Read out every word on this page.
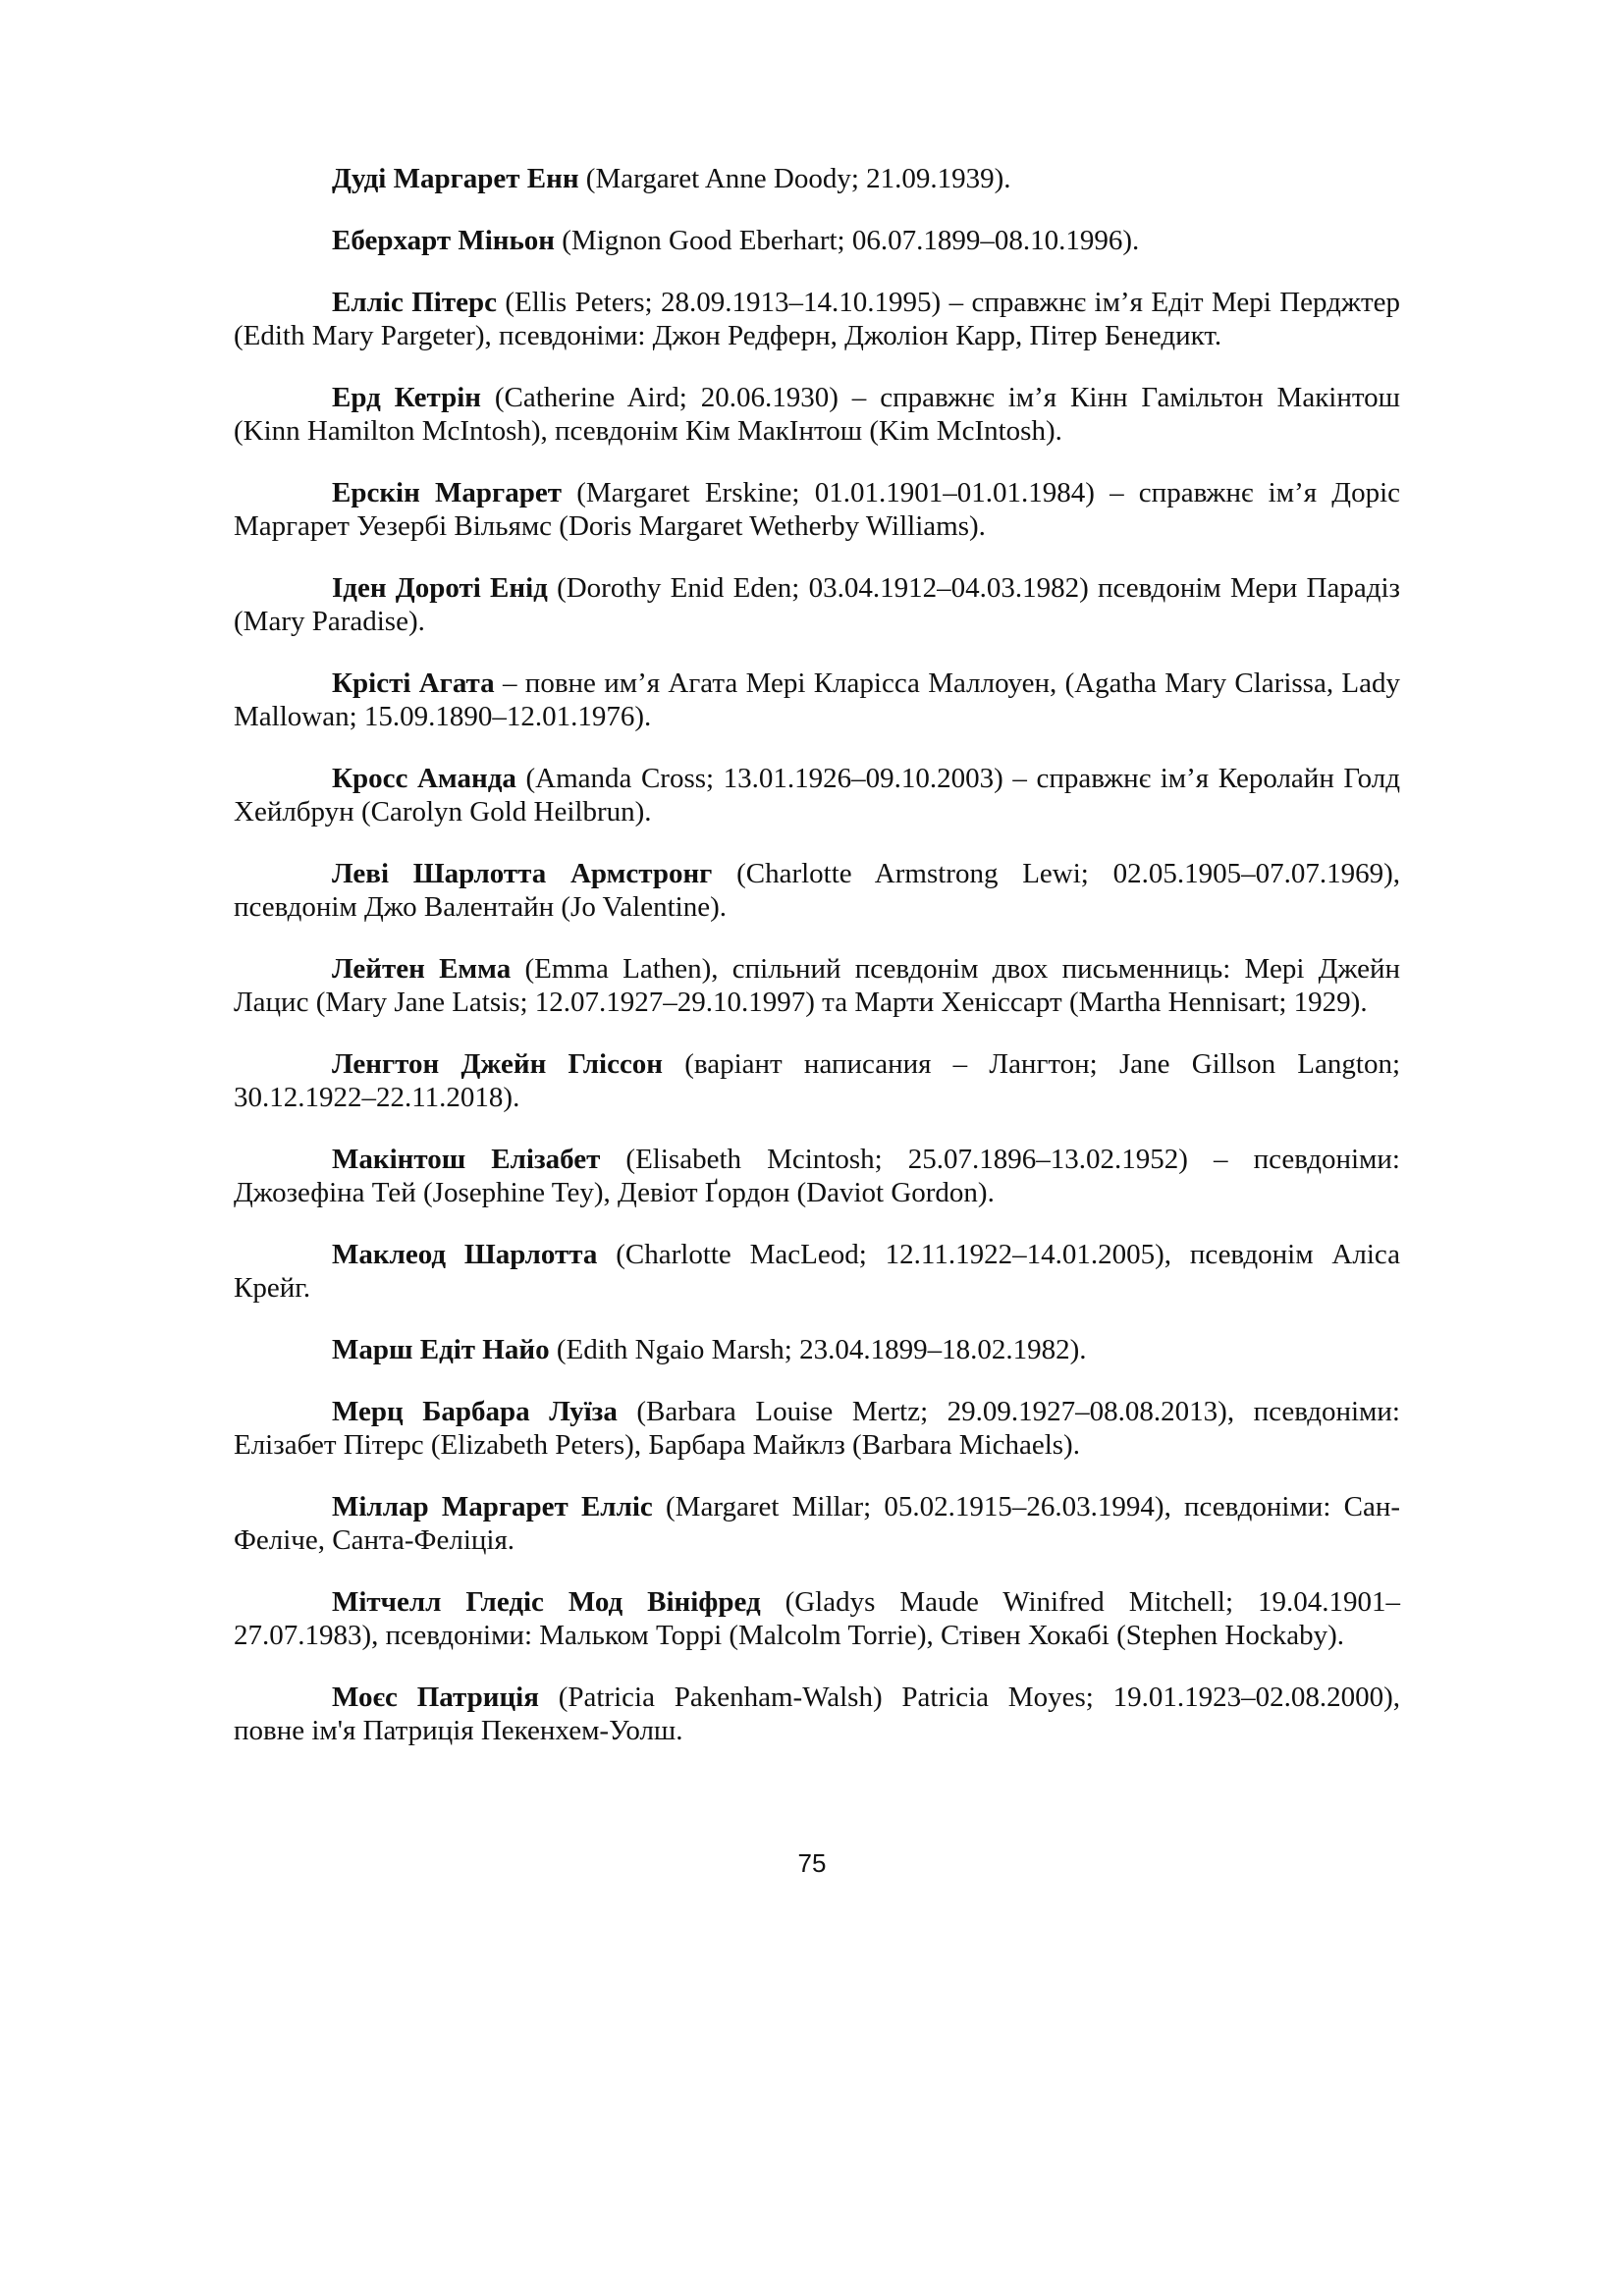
Дуді Маргарет Енн (Margaret Anne Doody; 21.09.1939).

Еберхарт Міньон (Mignon Good Eberhart; 06.07.1899–08.10.1996).

Елліс Пітерс (Ellis Peters; 28.09.1913–14.10.1995) – справжнє ім’я Едіт Мері Перджтер (Edith Mary Pargeter), псевдоніми: Джон Редферн, Джоліон Карр, Пітер Бенедикт.

Ерд Кетрін (Catherine Aird; 20.06.1930) – справжнє ім’я Кінн Гамільтон Макінтош (Kinn Hamilton McIntosh), псевдонім Кім МакІнтош (Kim McIntosh).

Ерскін Маргарет (Margaret Erskine; 01.01.1901–01.01.1984) – справжнє ім’я Доріс Маргарет Уезербі Вільямс (Doris Margaret Wetherby Williams).

Іден Дороті Енід (Dorothy Enid Eden; 03.04.1912–04.03.1982) псевдонім Мери Парадіз (Mary Paradise).

Крісті Агата – повне им’я Агата Мері Кларісса Маллоуен, (Agatha Mary Clarissa, Lady Mallowan; 15.09.1890–12.01.1976).

Кросс Аманда (Amanda Cross; 13.01.1926–09.10.2003) – справжнє ім’я Керолайн Голд Хейлбрун (Carolyn Gold Heilbrun).

Леві Шарлотта Армстронг (Charlotte Armstrong Lewi; 02.05.1905–07.07.1969), псевдонім Джо Валентайн (Jo Valentine).

Лейтен Емма (Emma Lathen), спільний псевдонім двох письменниць: Мері Джейн Лацис (Mary Jane Latsis; 12.07.1927–29.10.1997) та Марти Хеніссарт (Martha Hennisart; 1929).

Ленгтон Джейн Гліссон (варіант написания – Лангтон; Jane Gillson Langton; 30.12.1922–22.11.2018).

Макінтош Елізабет (Elisabeth Mcintosh; 25.07.1896–13.02.1952) – псевдоніми: Джозефіна Тей (Josephine Tey), Девіот Ґордон (Daviot Gordon).

Маклеод Шарлотта (Charlotte MacLeod; 12.11.1922–14.01.2005), псевдонім Аліса Крейг.

Марш Едіт Найо (Edith Ngaio Marsh; 23.04.1899–18.02.1982).

Мерц Барбара Луїза (Barbara Louise Mertz; 29.09.1927–08.08.2013), псевдоніми: Елізабет Пітерс (Elizabeth Peters), Барбара Майклз (Barbara Michaels).

Міллар Маргарет Елліс (Margaret Millar; 05.02.1915–26.03.1994), псевдоніми: Сан-Феліче, Санта-Феліція.

Мітчелл Гледіс Мод Вініфред (Gladys Maude Winifred Mitchell; 19.04.1901–27.07.1983), псевдоніми: Мальком Торрі (Malcolm Torrie), Стівен Хокабі (Stephen Hockaby).

Моєс Патриція (Patricia Pakenham-Walsh) Patricia Moyes; 19.01.1923–02.08.2000), повне ім'я Патриція Пекенхем-Уолш.

75
